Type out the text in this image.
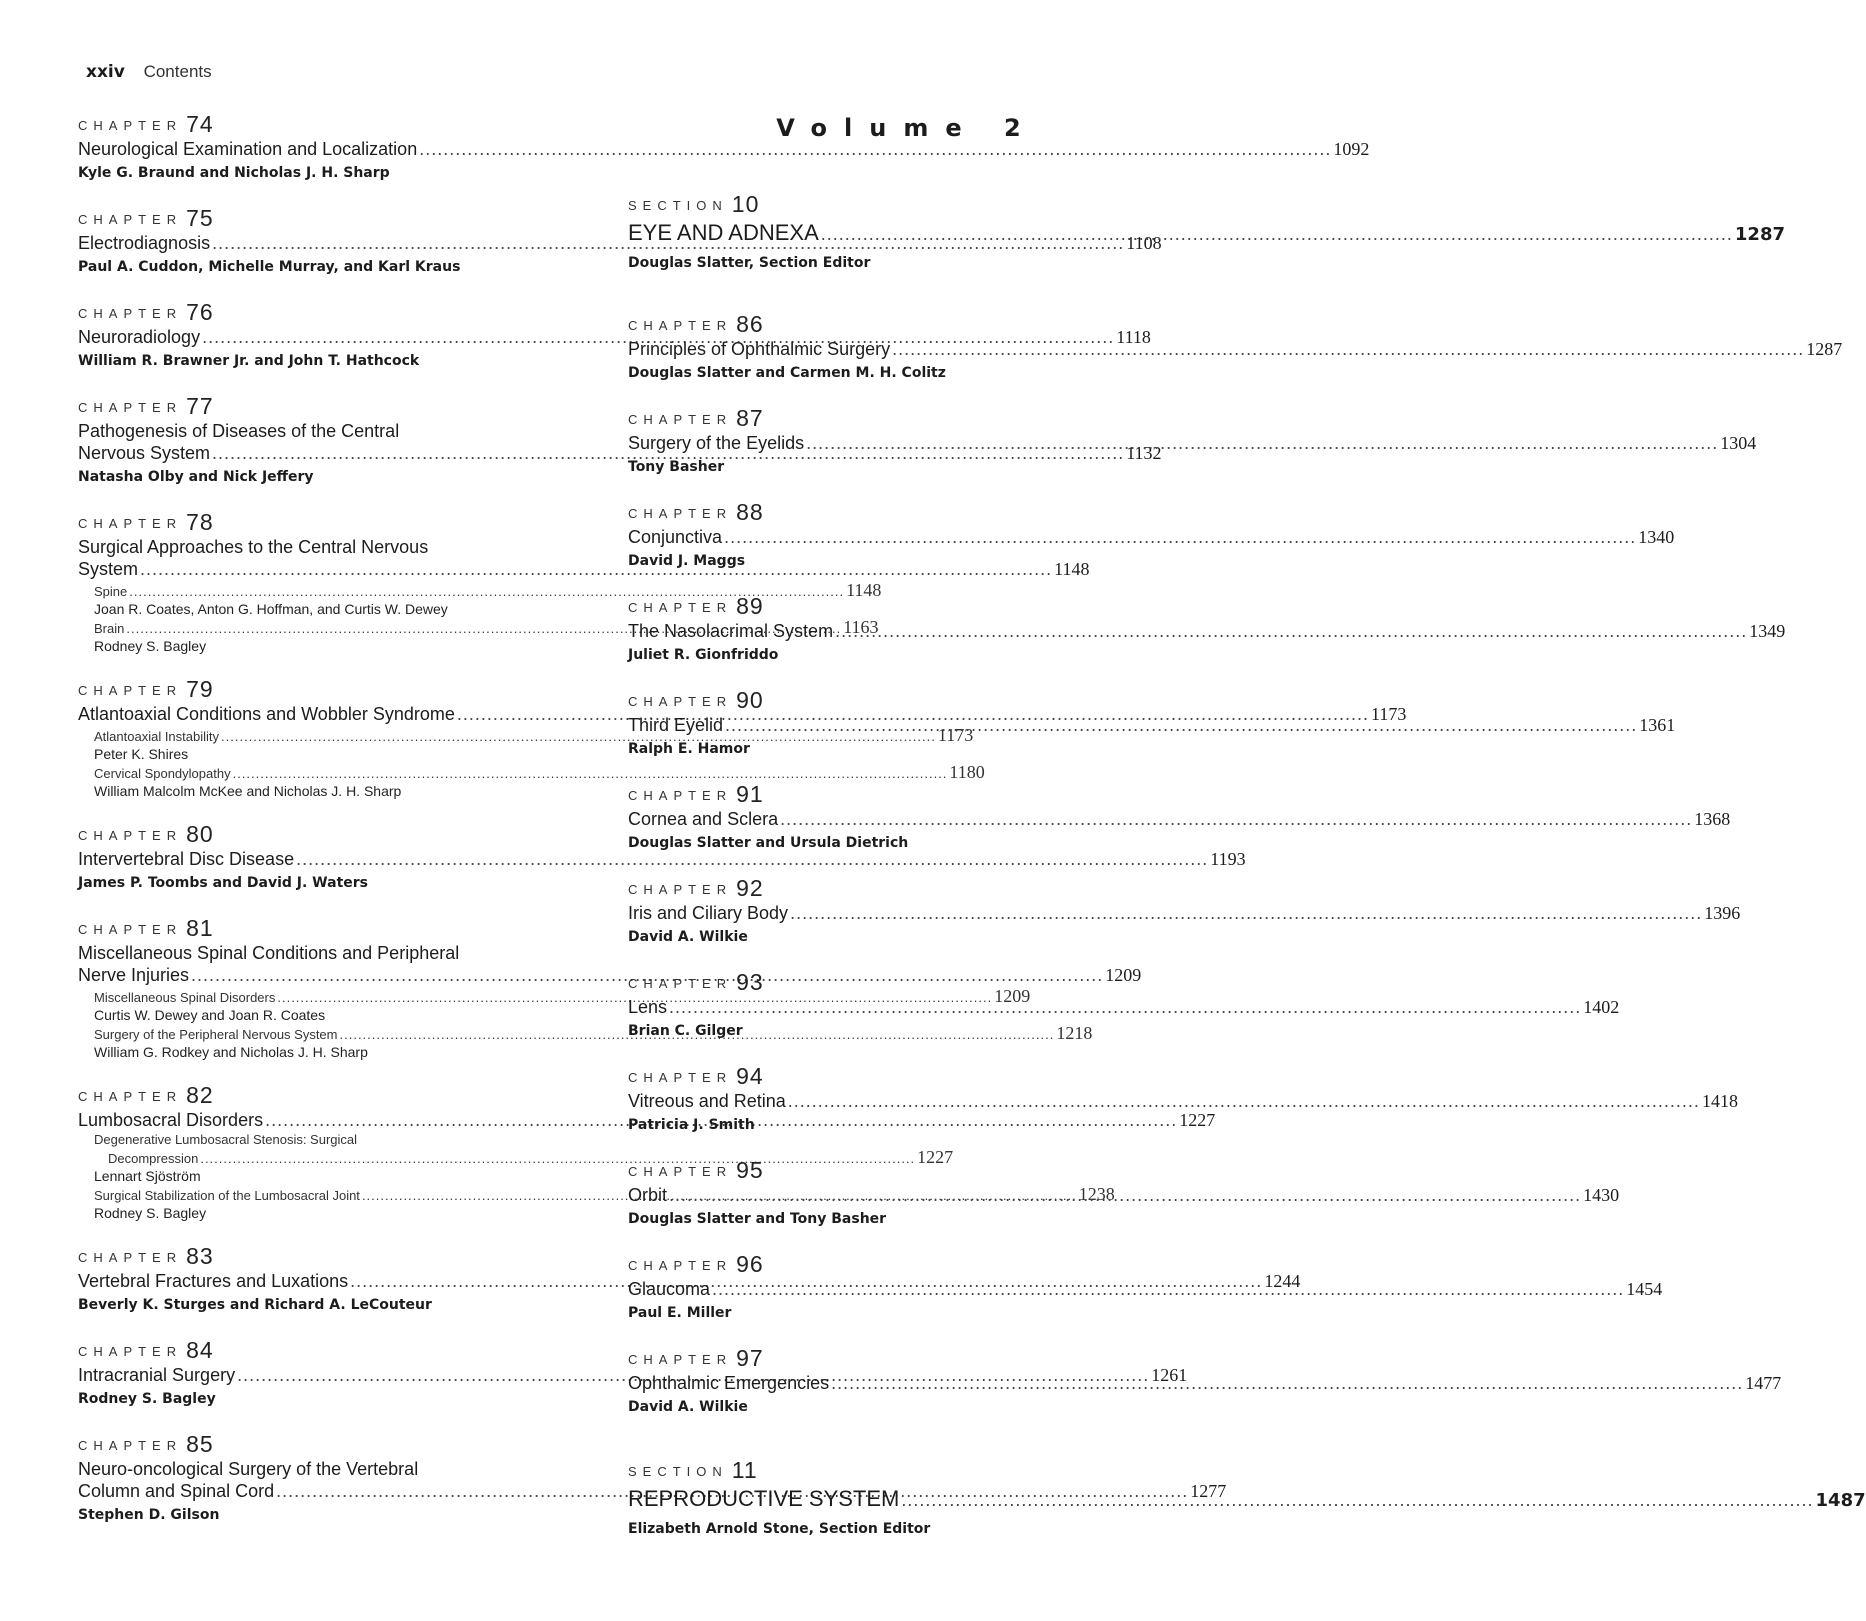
xxiv Contents
CHAPTER 74
Neurological Examination and Localization .....	1092
Kyle G. Braund and Nicholas J. H. Sharp
CHAPTER 75
Electrodiagnosis .....	1108
Paul A. Cuddon, Michelle Murray, and Karl Kraus
CHAPTER 76
Neuroradiology .....	1118
William R. Brawner Jr. and John T. Hathcock
CHAPTER 77
Pathogenesis of Diseases of the Central
Nervous System .....	1132
Natasha Olby and Nick Jeffery
CHAPTER 78
Surgical Approaches to the Central Nervous
System .....	1148
Spine .....	1148
Joan R. Coates, Anton G. Hoffman, and Curtis W. Dewey
Brain .....	1163
Rodney S. Bagley
CHAPTER 79
Atlantoaxial Conditions and Wobbler Syndrome .....	1173
Atlantoaxial Instability .....	1173
Peter K. Shires
Cervical Spondylopathy .....	1180
William Malcolm McKee and Nicholas J. H. Sharp
CHAPTER 80
Intervertebral Disc Disease .....	1193
James P. Toombs and David J. Waters
CHAPTER 81
Miscellaneous Spinal Conditions and Peripheral
Nerve Injuries .....	1209
Miscellaneous Spinal Disorders .....	1209
Curtis W. Dewey and Joan R. Coates
Surgery of the Peripheral Nervous System .....	1218
William G. Rodkey and Nicholas J. H. Sharp
CHAPTER 82
Lumbosacral Disorders .....	1227
Degenerative Lumbosacral Stenosis: Surgical
Decompression .....	1227
Lennart Sjöström
Surgical Stabilization of the Lumbosacral Joint .....	1238
Rodney S. Bagley
CHAPTER 83
Vertebral Fractures and Luxations .....	1244
Beverly K. Sturges and Richard A. LeCouteur
CHAPTER 84
Intracranial Surgery .....	1261
Rodney S. Bagley
CHAPTER 85
Neuro-oncological Surgery of the Vertebral
Column and Spinal Cord .....	1277
Stephen D. Gilson
Volume 2
SECTION 10
EYE AND ADNEXA .....	1287
Douglas Slatter, Section Editor
CHAPTER 86
Principles of Ophthalmic Surgery .....	1287
Douglas Slatter and Carmen M. H. Colitz
CHAPTER 87
Surgery of the Eyelids .....	1304
Tony Basher
CHAPTER 88
Conjunctiva .....	1340
David J. Maggs
CHAPTER 89
The Nasolacrimal System .....	1349
Juliet R. Gionfriddo
CHAPTER 90
Third Eyelid .....	1361
Ralph E. Hamor
CHAPTER 91
Cornea and Sclera .....	1368
Douglas Slatter and Ursula Dietrich
CHAPTER 92
Iris and Ciliary Body .....	1396
David A. Wilkie
CHAPTER 93
Lens .....	1402
Brian C. Gilger
CHAPTER 94
Vitreous and Retina .....	1418
Patricia J. Smith
CHAPTER 95
Orbit .....	1430
Douglas Slatter and Tony Basher
CHAPTER 96
Glaucoma .....	1454
Paul E. Miller
CHAPTER 97
Ophthalmic Emergencies .....	1477
David A. Wilkie
SECTION 11
REPRODUCTIVE SYSTEM .....	1487
Elizabeth Arnold Stone, Section Editor
